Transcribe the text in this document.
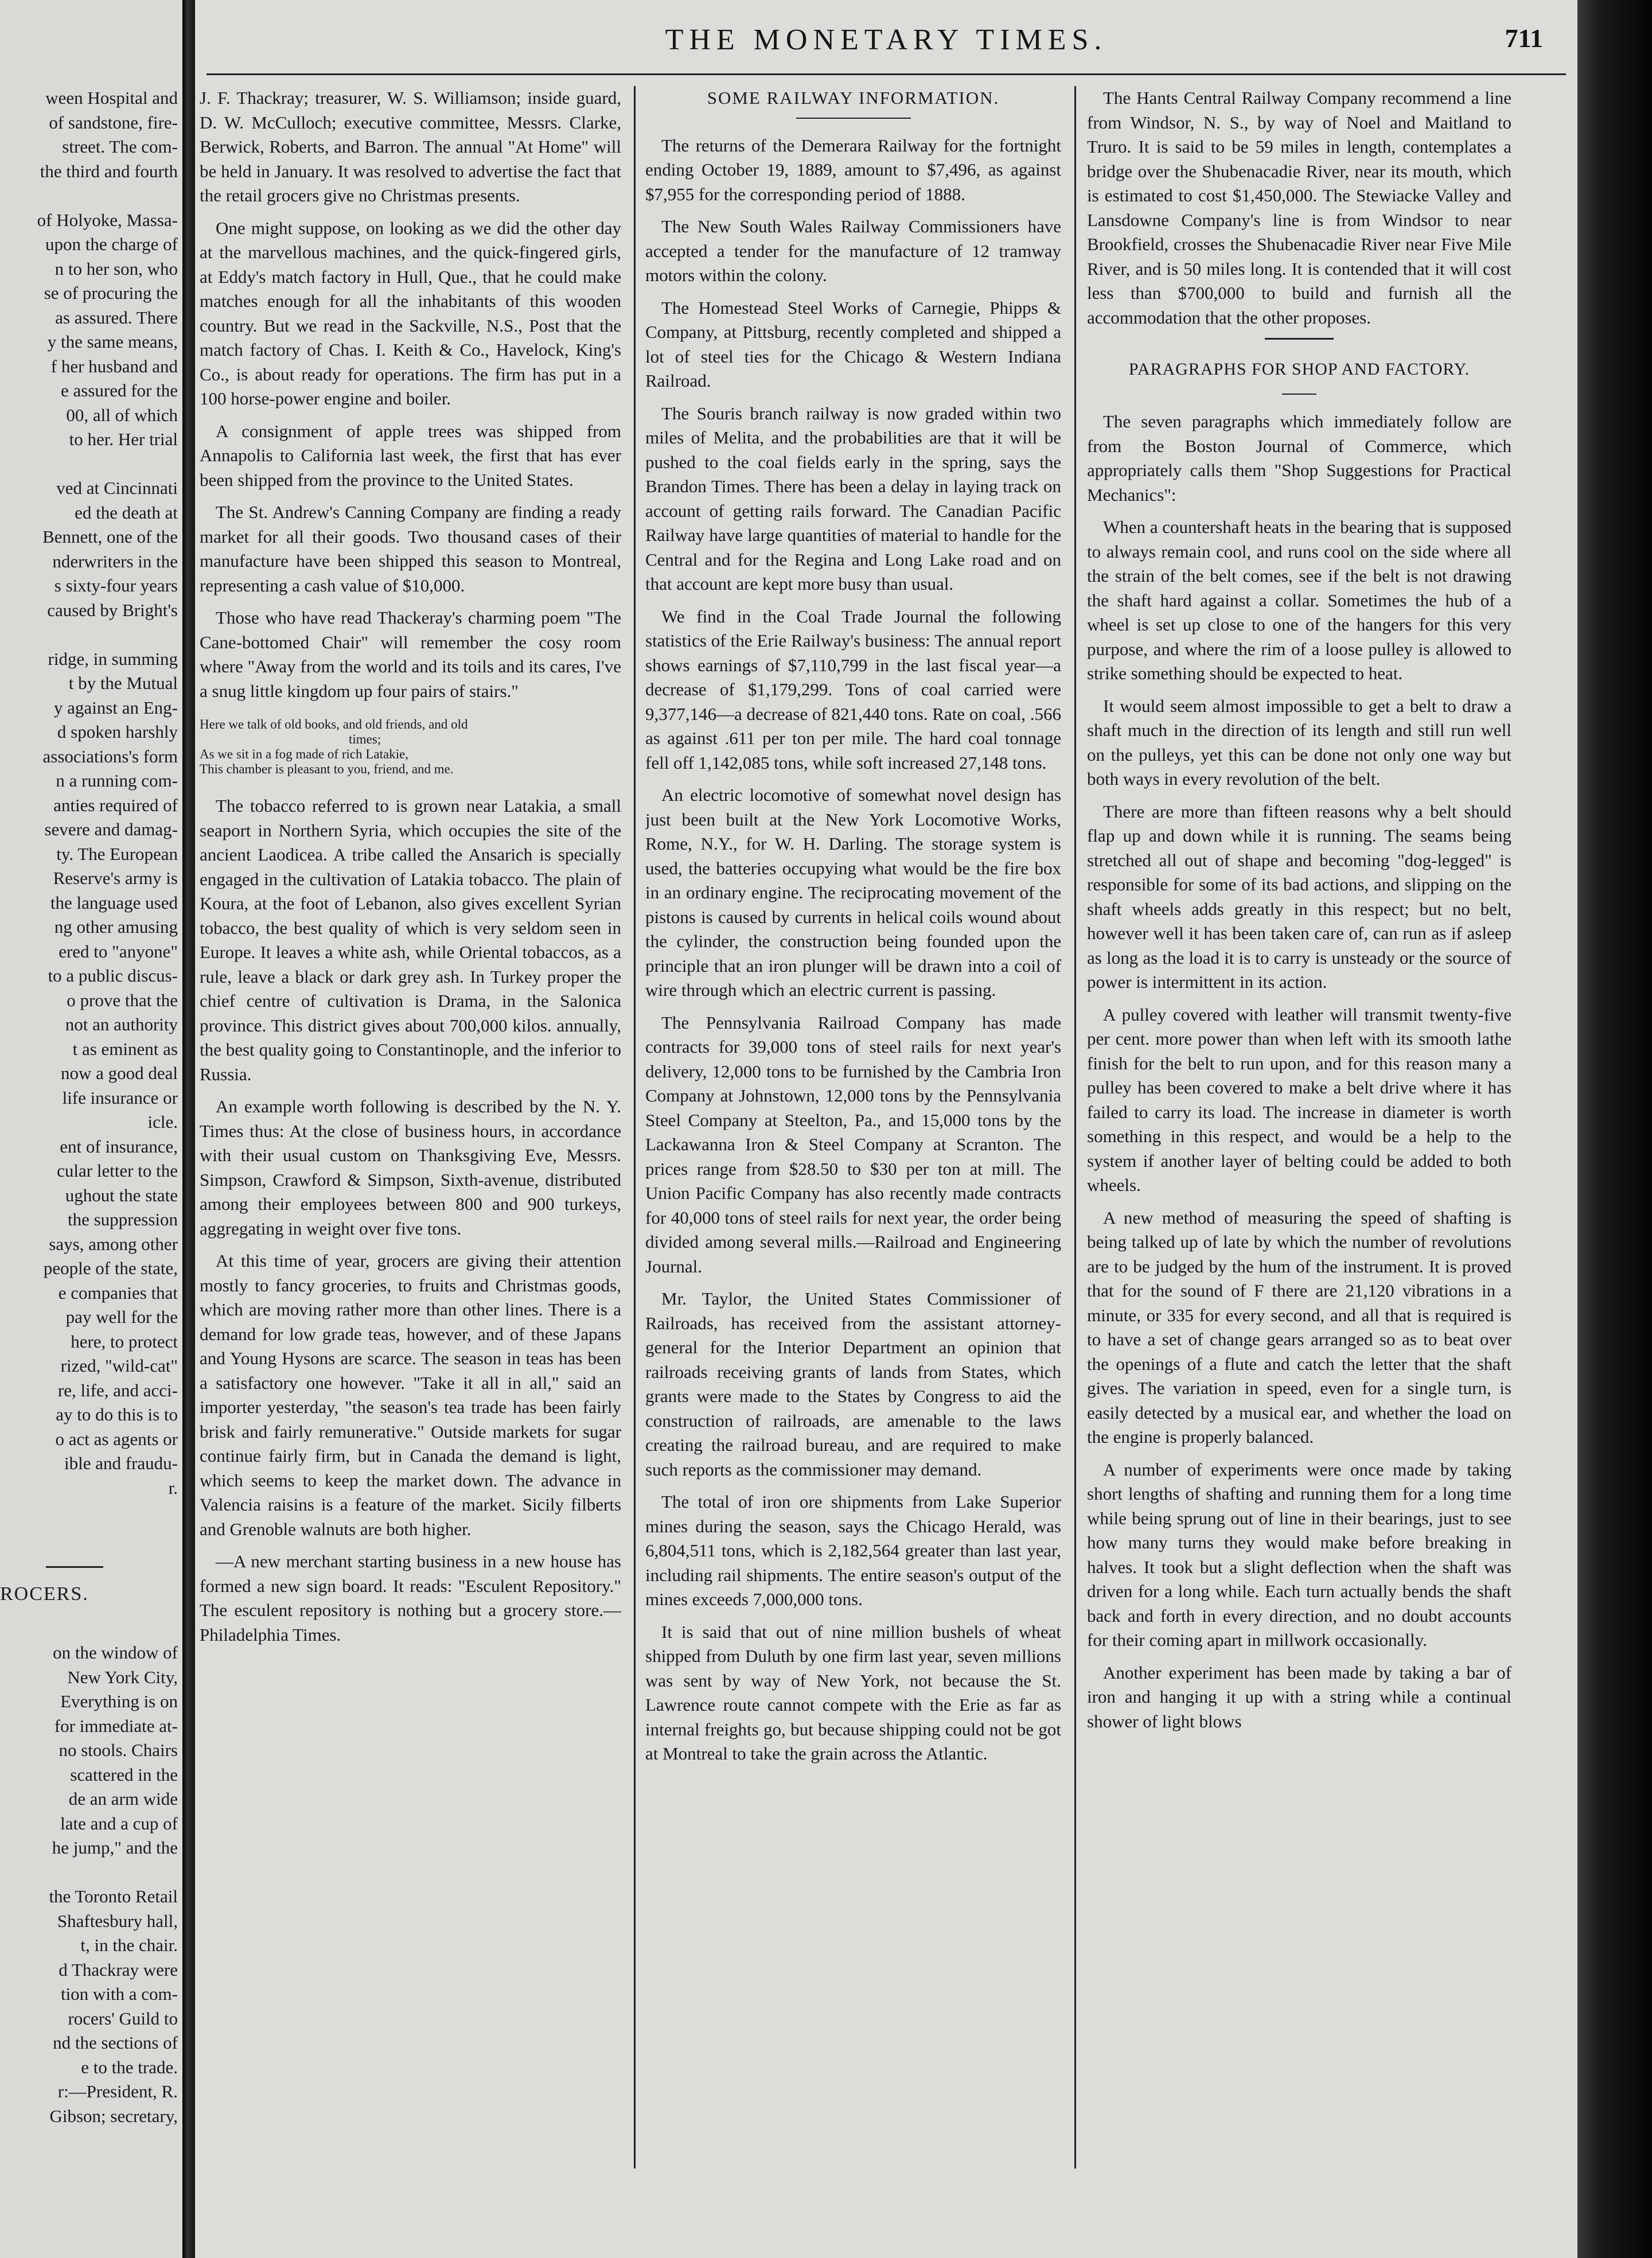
ween Hospital and
of sandstone, fire-
street. The com-
the third and fourth
of Holyoke, Massa-
upon the charge of
n to her son, who
se of procuring the
as assured. There
y the same means,
f her husband and
e assured for the
00, all of which
to her. Her trial
ved at Cincinnati
ed the death at
Bennett, one of the
nderwriters in the
s sixty-four years
caused by Bright's
ridge, in summing
t by the Mutual
y against an Eng-
d spoken harshly
associations's form
n a running com-
anties required of
severe and damag-
ty. The European
Reserve's army is
the language used
ng other amusing
ered to "anyone"
to a public discus-
o prove that the
not an authority
t as eminent as
now a good deal
life insurance or
icle.
ent of insurance,
cular letter to the
ughout the state
the suppression
says, among other
people of the state,
e companies that
pay well for the
here, to protect
rized, "wild-cat"
re, life, and acci-
ay to do this is to
o act as agents or
ible and fraudu-
r.
ROCERS.
on the window of
New York City,
Everything is on
for immediate at-
no stools. Chairs
scattered in the
de an arm wide
late and a cup of
he jump," and the
the Toronto Retail
Shaftesbury hall,
t, in the chair.
d Thackray were
tion with a com-
rocers' Guild to
nd the sections of
e to the trade.
r:—President, R.
Gibson; secretary,
THE MONETARY TIMES.	711

J. F. Thackray; treasurer, W. S. Williamson; inside guard, D. W. McCulloch; executive committee, Messrs. Clarke, Berwick, Roberts, and Barron. The annual "At Home" will be held in January. It was resolved to advertise the fact that the retail grocers give no Christmas presents.

One might suppose, on looking as we did the other day at the marvellous machines, and the quick-fingered girls, at Eddy's match factory in Hull, Que., that he could make matches enough for all the inhabitants of this wooden country. But we read in the Sackville, N.S., Post that the match factory of Chas. I. Keith & Co., Havelock, King's Co., is about ready for operations. The firm has put in a 100 horse-power engine and boiler.

A consignment of apple trees was shipped from Annapolis to California last week, the first that has ever been shipped from the province to the United States.

The St. Andrew's Canning Company are finding a ready market for all their goods. Two thousand cases of their manufacture have been shipped this season to Montreal, representing a cash value of $10,000.

Those who have read Thackeray's charming poem "The Cane-bottomed Chair" will remember the cosy room where "Away from the world and its toils and its cares, I've a snug little kingdom up four pairs of stairs."

Here we talk of old books, and old friends, and old
times;
As we sit in a fog made of rich Latakie,
This chamber is pleasant to you, friend, and me.

The tobacco referred to is grown near Latakia, a small seaport in Northern Syria, which occupies the site of the ancient Laodicea. A tribe called the Ansarich is specially engaged in the cultivation of Latakia tobacco. The plain of Koura, at the foot of Lebanon, also gives excellent Syrian tobacco, the best quality of which is very seldom seen in Europe. It leaves a white ash, while Oriental tobaccos, as a rule, leave a black or dark grey ash. In Turkey proper the chief centre of cultivation is Drama, in the Salonica province. This district gives about 700,000 kilos. annually, the best quality going to Constantinople, and the inferior to Russia.

An example worth following is described by the N. Y. Times thus: At the close of business hours, in accordance with their usual custom on Thanksgiving Eve, Messrs. Simpson, Crawford & Simpson, Sixth-avenue, distributed among their employees between 800 and 900 turkeys, aggregating in weight over five tons.

At this time of year, grocers are giving their attention mostly to fancy groceries, to fruits and Christmas goods, which are moving rather more than other lines. There is a demand for low grade teas, however, and of these Japans and Young Hysons are scarce. The season in teas has been a satisfactory one however. "Take it all in all," said an importer yesterday, "the season's tea trade has been fairly brisk and fairly remunerative." Outside markets for sugar continue fairly firm, but in Canada the demand is light, which seems to keep the market down. The advance in Valencia raisins is a feature of the market. Sicily filberts and Grenoble walnuts are both higher.

—A new merchant starting business in a new house has formed a new sign board. It reads: "Esculent Repository." The esculent repository is nothing but a grocery store.—Philadelphia Times.

SOME RAILWAY INFORMATION.

The returns of the Demerara Railway for the fortnight ending October 19, 1889, amount to $7,496, as against $7,955 for the corresponding period of 1888.

The New South Wales Railway Commissioners have accepted a tender for the manufacture of 12 tramway motors within the colony.

The Homestead Steel Works of Carnegie, Phipps & Company, at Pittsburg, recently completed and shipped a lot of steel ties for the Chicago & Western Indiana Railroad.

The Souris branch railway is now graded within two miles of Melita, and the probabilities are that it will be pushed to the coal fields early in the spring, says the Brandon Times. There has been a delay in laying track on account of getting rails forward. The Canadian Pacific Railway have large quantities of material to handle for the Central and for the Regina and Long Lake road and on that account are kept more busy than usual.

We find in the Coal Trade Journal the following statistics of the Erie Railway's business: The annual report shows earnings of $7,110,799 in the last fiscal year—a decrease of $1,179,299. Tons of coal carried were 9,377,146—a decrease of 821,440 tons. Rate on coal, .566 as against .611 per ton per mile. The hard coal tonnage fell off 1,142,085 tons, while soft increased 27,148 tons.

An electric locomotive of somewhat novel design has just been built at the New York Locomotive Works, Rome, N.Y., for W. H. Darling. The storage system is used, the batteries occupying what would be the fire box in an ordinary engine. The reciprocating movement of the pistons is caused by currents in helical coils wound about the cylinder, the construction being founded upon the principle that an iron plunger will be drawn into a coil of wire through which an electric current is passing.

The Pennsylvania Railroad Company has made contracts for 39,000 tons of steel rails for next year's delivery, 12,000 tons to be furnished by the Cambria Iron Company at Johnstown, 12,000 tons by the Pennsylvania Steel Company at Steelton, Pa., and 15,000 tons by the Lackawanna Iron & Steel Company at Scranton. The prices range from $28.50 to $30 per ton at mill. The Union Pacific Company has also recently made contracts for 40,000 tons of steel rails for next year, the order being divided among several mills.—Railroad and Engineering Journal.

Mr. Taylor, the United States Commissioner of Railroads, has received from the assistant attorney-general for the Interior Department an opinion that railroads receiving grants of lands from States, which grants were made to the States by Congress to aid the construction of railroads, are amenable to the laws creating the railroad bureau, and are required to make such reports as the commissioner may demand.

The total of iron ore shipments from Lake Superior mines during the season, says the Chicago Herald, was 6,804,511 tons, which is 2,182,564 greater than last year, including rail shipments. The entire season's output of the mines exceeds 7,000,000 tons.

It is said that out of nine million bushels of wheat shipped from Duluth by one firm last year, seven millions was sent by way of New York, not because the St. Lawrence route cannot compete with the Erie as far as internal freights go, but because shipping could not be got at Montreal to take the grain across the Atlantic.

The Hants Central Railway Company recommend a line from Windsor, N. S., by way of Noel and Maitland to Truro. It is said to be 59 miles in length, contemplates a bridge over the Shubenacadie River, near its mouth, which is estimated to cost $1,450,000. The Stewiacke Valley and Lansdowne Company's line is from Windsor to near Brookfield, crosses the Shubenacadie River near Five Mile River, and is 50 miles long. It is contended that it will cost less than $700,000 to build and furnish all the accommodation that the other proposes.

PARAGRAPHS FOR SHOP AND FACTORY.

The seven paragraphs which immediately follow are from the Boston Journal of Commerce, which appropriately calls them "Shop Suggestions for Practical Mechanics":

When a countershaft heats in the bearing that is supposed to always remain cool, and runs cool on the side where all the strain of the belt comes, see if the belt is not drawing the shaft hard against a collar. Sometimes the hub of a wheel is set up close to one of the hangers for this very purpose, and where the rim of a loose pulley is allowed to strike something should be expected to heat.

It would seem almost impossible to get a belt to draw a shaft much in the direction of its length and still run well on the pulleys, yet this can be done not only one way but both ways in every revolution of the belt.

There are more than fifteen reasons why a belt should flap up and down while it is running. The seams being stretched all out of shape and becoming "dog-legged" is responsible for some of its bad actions, and slipping on the shaft wheels adds greatly in this respect; but no belt, however well it has been taken care of, can run as if asleep as long as the load it is to carry is unsteady or the source of power is intermittent in its action.

A pulley covered with leather will transmit twenty-five per cent. more power than when left with its smooth lathe finish for the belt to run upon, and for this reason many a pulley has been covered to make a belt drive where it has failed to carry its load. The increase in diameter is worth something in this respect, and would be a help to the system if another layer of belting could be added to both wheels.

A new method of measuring the speed of shafting is being talked up of late by which the number of revolutions are to be judged by the hum of the instrument. It is proved that for the sound of F there are 21,120 vibrations in a minute, or 335 for every second, and all that is required is to have a set of change gears arranged so as to beat over the openings of a flute and catch the letter that the shaft gives. The variation in speed, even for a single turn, is easily detected by a musical ear, and whether the load on the engine is properly balanced.

A number of experiments were once made by taking short lengths of shafting and running them for a long time while being sprung out of line in their bearings, just to see how many turns they would make before breaking in halves. It took but a slight deflection when the shaft was driven for a long while. Each turn actually bends the shaft back and forth in every direction, and no doubt accounts for their coming apart in millwork occasionally.

Another experiment has been made by taking a bar of iron and hanging it up with a string while a continual shower of light blows
